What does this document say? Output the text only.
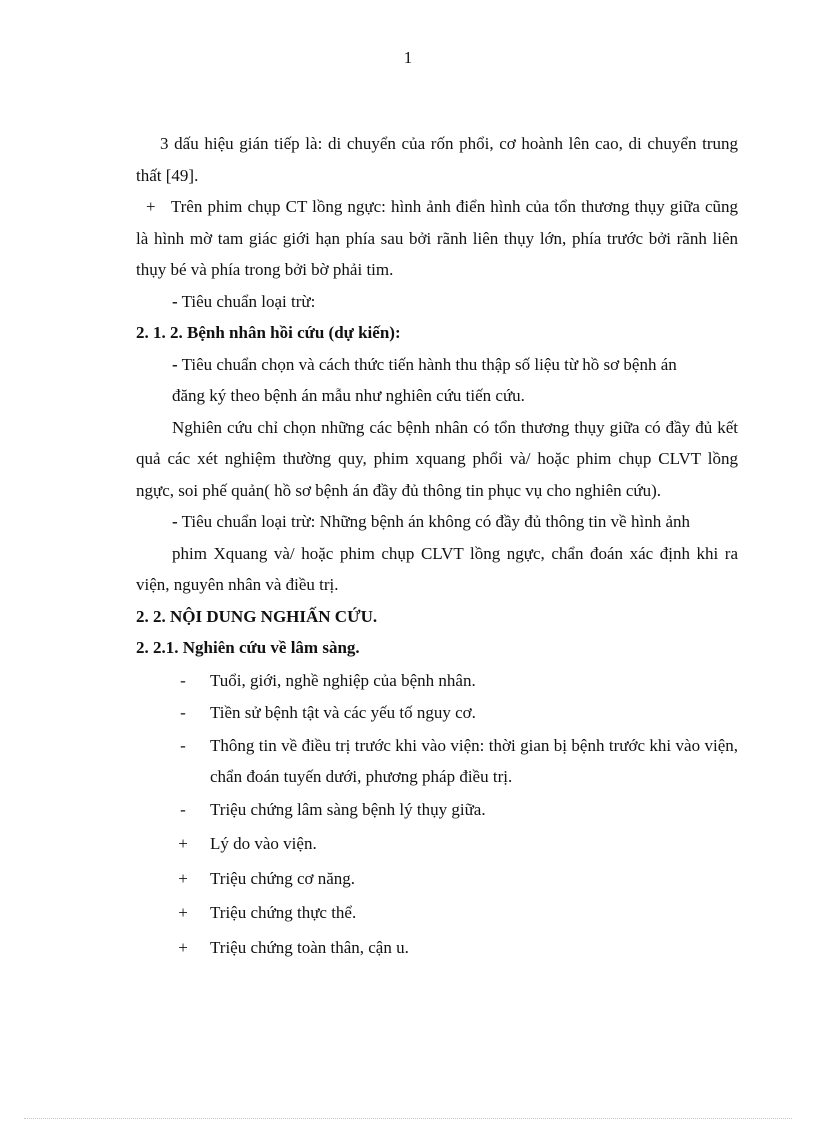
1

3 dấu hiệu gián tiếp là: di chuyển của rốn phổi, cơ hoành lên cao, di chuyển trung thất [49].

+ Trên phim chụp CT lồng ngực: hình ảnh điển hình của tổn thương thụy giữa cũng là hình mờ tam giác giới hạn phía sau bởi rãnh liên thụy lớn, phía trước bởi rãnh liên thụy bé và phía trong bởi bờ phải tim.

- Tiêu chuẩn loại trừ:

2. 1. 2. Bệnh nhân hồi cứu (dự kiến):

- Tiêu chuẩn chọn và cách thức tiến hành thu thập số liệu từ hồ sơ bệnh án

đăng ký theo bệnh án mẫu như nghiên cứu tiến cứu.

Nghiên cứu chỉ chọn những các bệnh nhân có tổn thương thụy giữa có đầy đủ kết quả các xét nghiệm thường quy, phim xquang phổi và/ hoặc phim chụp CLVT lồng ngực, soi phế quản( hồ sơ bệnh án đầy đủ thông tin phục vụ cho nghiên cứu).

- Tiêu chuẩn loại trừ: Những bệnh án không có đầy đủ thông tin về hình ảnh

phim Xquang và/ hoặc phim chụp CLVT lồng ngực, chẩn đoán xác định khi ra viện, nguyên nhân và điều trị.

2. 2. NỘI DUNG NGHIẤN CỨU.

2. 2.1. Nghiên cứu về lâm sàng.

-	Tuổi, giới, nghề nghiệp của bệnh nhân.
-	Tiền sử bệnh tật và các yếu tố nguy cơ.
-	Thông tin về điều trị trước khi vào viện: thời gian bị bệnh trước khi vào viện, chẩn đoán tuyến dưới, phương pháp điều trị.
-	Triệu chứng lâm sàng bệnh lý thụy giữa.
+	Lý do vào viện.
+	Triệu chứng cơ năng.
+	Triệu chứng thực thể.
+	Triệu chứng toàn thân, cận u.
